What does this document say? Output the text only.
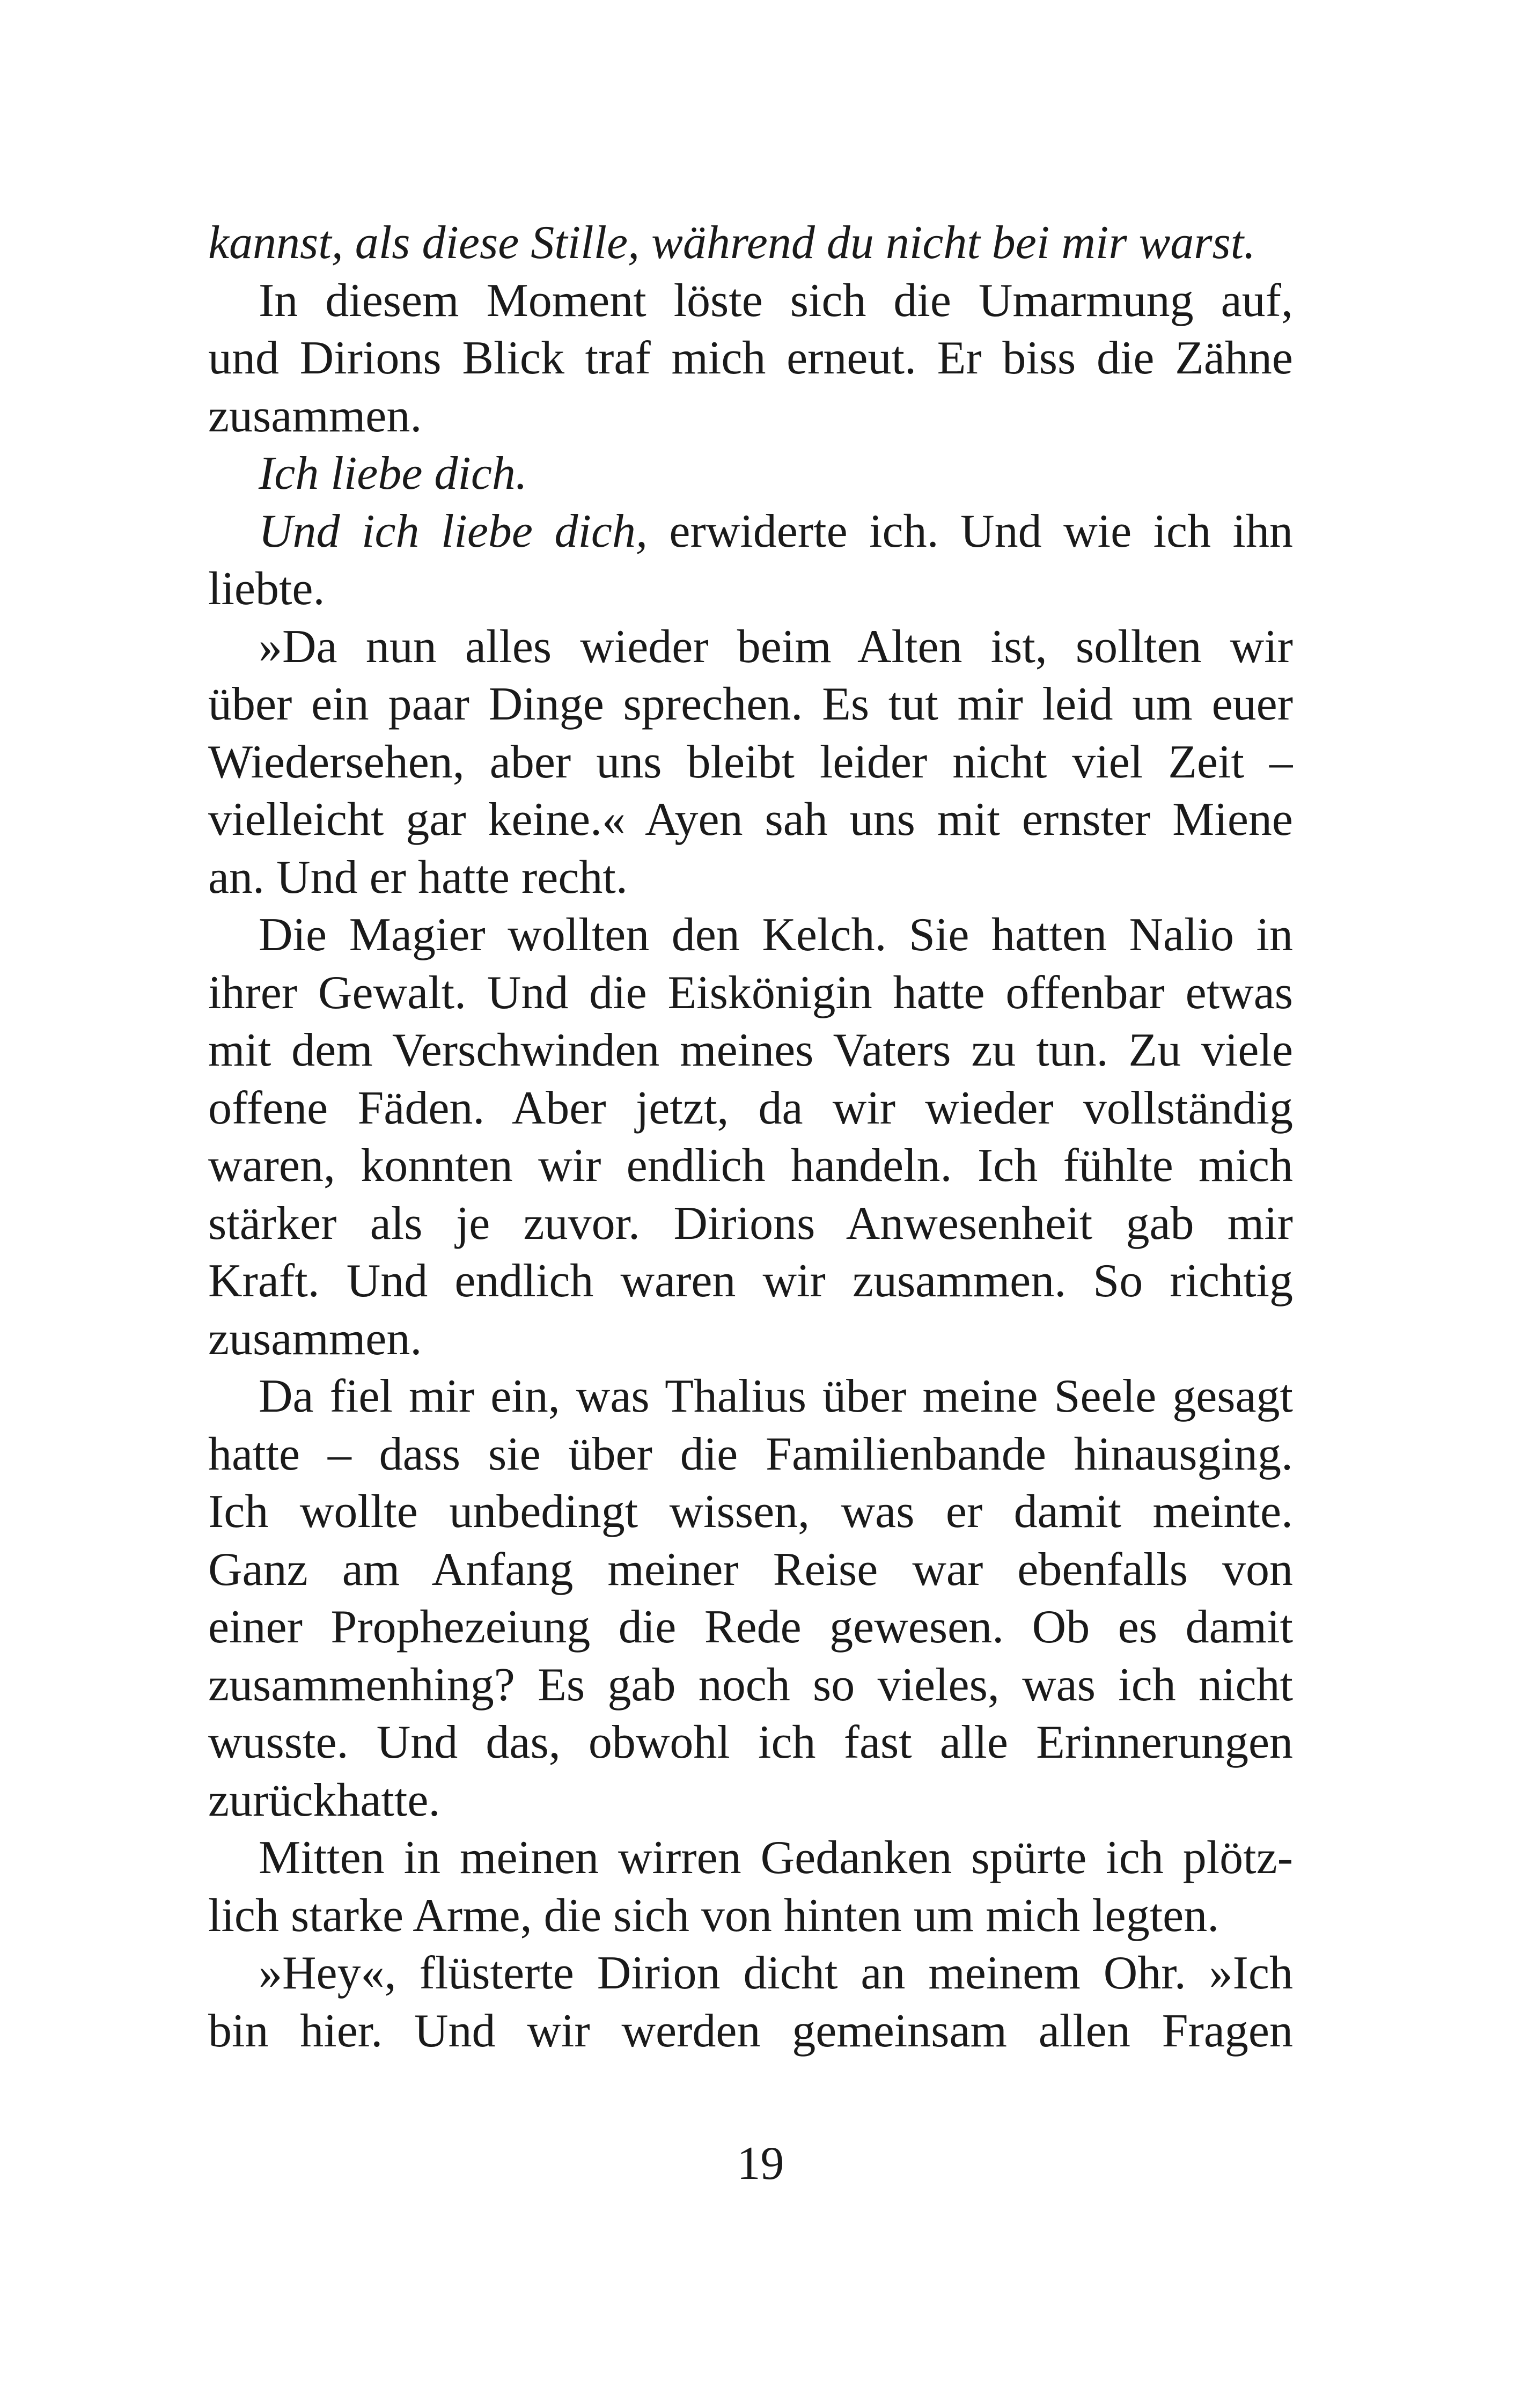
kannst, als diese Stille, während du nicht bei mir warst.
In diesem Moment löste sich die Umarmung auf,
und Dirions Blick traf mich erneut. Er biss die Zähne
zusammen.
Ich liebe dich.
Und ich liebe dich, erwiderte ich. Und wie ich ihn
liebte.
»Da nun alles wieder beim Alten ist, sollten wir
über ein paar Dinge sprechen. Es tut mir leid um euer
Wiedersehen, aber uns bleibt leider nicht viel Zeit –
vielleicht gar keine.« Ayen sah uns mit ernster Miene
an. Und er hatte recht.
Die Magier wollten den Kelch. Sie hatten Nalio in
ihrer Gewalt. Und die Eiskönigin hatte offenbar etwas
mit dem Verschwinden meines Vaters zu tun. Zu viele
offene Fäden. Aber jetzt, da wir wieder vollständig
waren, konnten wir endlich handeln. Ich fühlte mich
stärker als je zuvor. Dirions Anwesenheit gab mir
Kraft. Und endlich waren wir zusammen. So richtig
zusammen.
Da fiel mir ein, was Thalius über meine Seele gesagt
hatte – dass sie über die Familienbande hinausging.
Ich wollte unbedingt wissen, was er damit meinte.
Ganz am Anfang meiner Reise war ebenfalls von
einer Prophezeiung die Rede gewesen. Ob es damit
zusammenhing? Es gab noch so vieles, was ich nicht
wusste. Und das, obwohl ich fast alle Erinnerungen
zurückhatte.
Mitten in meinen wirren Gedanken spürte ich plötz-
lich starke Arme, die sich von hinten um mich legten.
»Hey«, flüsterte Dirion dicht an meinem Ohr. »Ich
bin hier. Und wir werden gemeinsam allen Fragen
19
